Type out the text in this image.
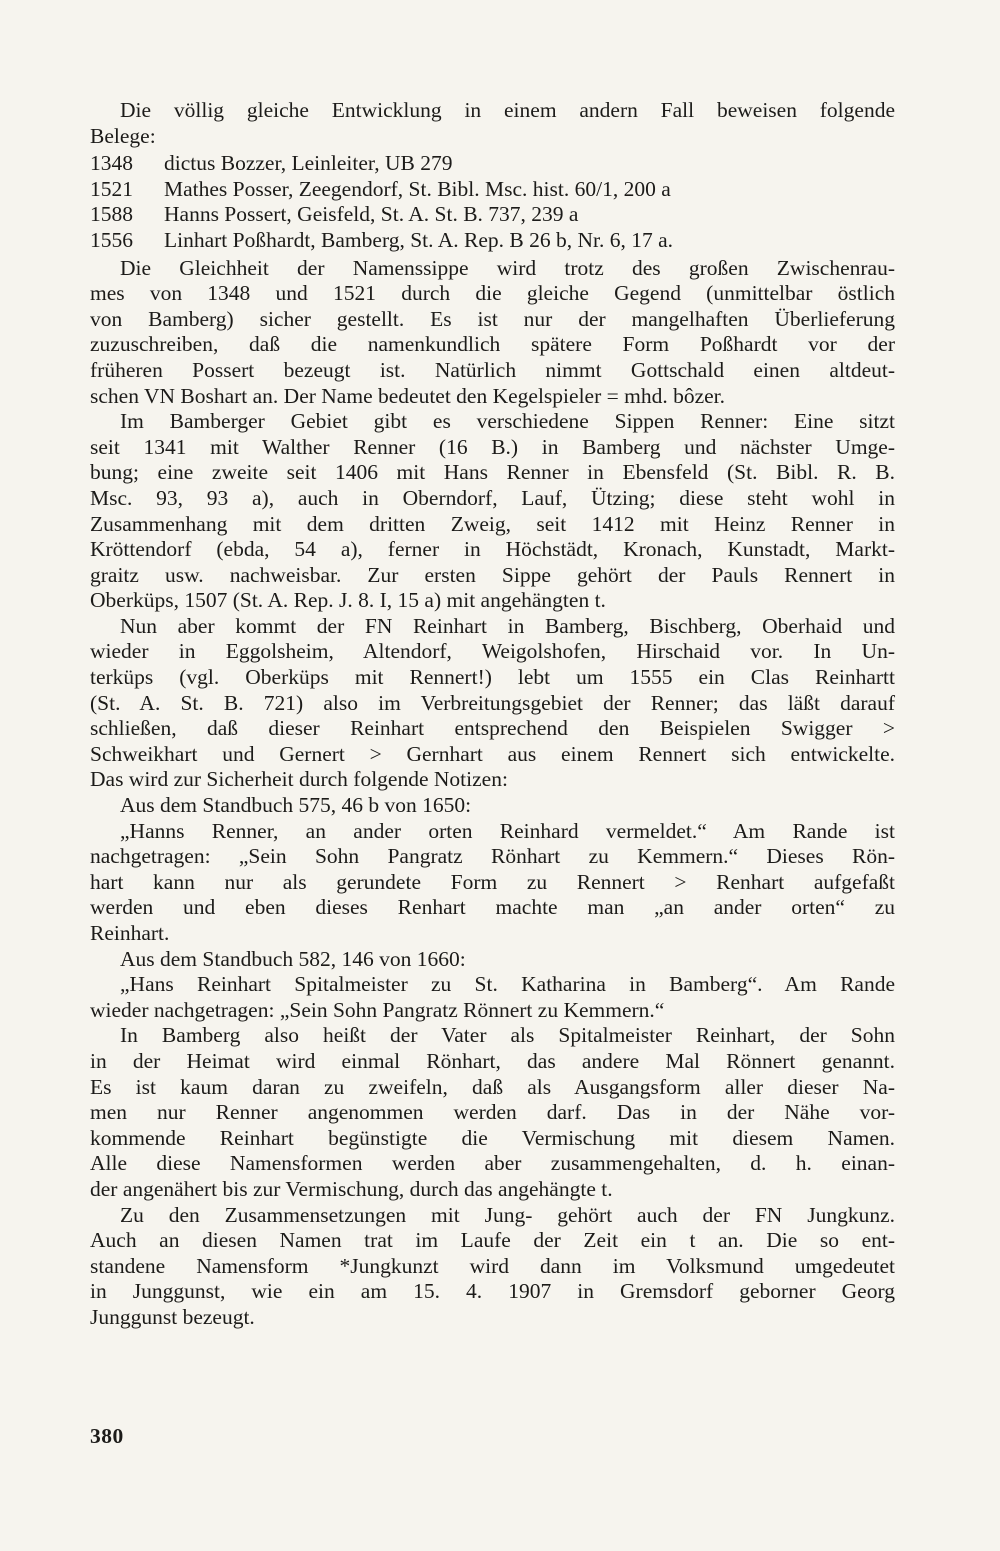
Die völlig gleiche Entwicklung in einem andern Fall beweisen folgende
Belege:

1348	dictus Bozzer, Leinleiter, UB 279
1521	Mathes Posser, Zeegendorf, St. Bibl. Msc. hist. 60/1, 200 a
1588	Hanns Possert, Geisfeld, St. A. St. B. 737, 239 a
1556	Linhart Poßhardt, Bamberg, St. A. Rep. B 26 b, Nr. 6, 17 a.

Die Gleichheit der Namenssippe wird trotz des großen Zwischenrau-
mes von 1348 und 1521 durch die gleiche Gegend (unmittelbar östlich
von Bamberg) sicher gestellt. Es ist nur der mangelhaften Überlieferung
zuzuschreiben, daß die namenkundlich spätere Form Poßhardt vor der
früheren Possert bezeugt ist. Natürlich nimmt Gottschald einen altdeut-
schen VN Boshart an. Der Name bedeutet den Kegelspieler = mhd. bôzer.

Im Bamberger Gebiet gibt es verschiedene Sippen Renner: Eine sitzt
seit 1341 mit Walther Renner (16 B.) in Bamberg und nächster Umge-
bung; eine zweite seit 1406 mit Hans Renner in Ebensfeld (St. Bibl. R. B.
Msc. 93, 93 a), auch in Oberndorf, Lauf, Ützing; diese steht wohl in
Zusammenhang mit dem dritten Zweig, seit 1412 mit Heinz Renner in
Kröttendorf (ebda, 54 a), ferner in Höchstädt, Kronach, Kunstadt, Markt-
graitz usw. nachweisbar. Zur ersten Sippe gehört der Pauls Rennert in
Oberküps, 1507 (St. A. Rep. J. 8. I, 15 a) mit angehängten t.

Nun aber kommt der FN Reinhart in Bamberg, Bischberg, Oberhaid und
wieder in Eggolsheim, Altendorf, Weigolshofen, Hirschaid vor. In Un-
terküps (vgl. Oberküps mit Rennert!) lebt um 1555 ein Clas Reinhartt
(St. A. St. B. 721) also im Verbreitungsgebiet der Renner; das läßt darauf
schließen, daß dieser Reinhart entsprechend den Beispielen Swigger >
Schweikhart und Gernert > Gernhart aus einem Rennert sich entwickelte.
Das wird zur Sicherheit durch folgende Notizen:

Aus dem Standbuch 575, 46 b von 1650:

„Hanns Renner, an ander orten Reinhard vermeldet.“ Am Rande ist
nachgetragen: „Sein Sohn Pangratz Rönhart zu Kemmern.“ Dieses Rön-
hart kann nur als gerundete Form zu Rennert > Renhart aufgefaßt
werden und eben dieses Renhart machte man „an ander orten“ zu
Reinhart.

Aus dem Standbuch 582, 146 von 1660:

„Hans Reinhart Spitalmeister zu St. Katharina in Bamberg“. Am Rande
wieder nachgetragen: „Sein Sohn Pangratz Rönnert zu Kemmern.“

In Bamberg also heißt der Vater als Spitalmeister Reinhart, der Sohn
in der Heimat wird einmal Rönhart, das andere Mal Rönnert genannt.
Es ist kaum daran zu zweifeln, daß als Ausgangsform aller dieser Na-
men nur Renner angenommen werden darf. Das in der Nähe vor-
kommende Reinhart begünstigte die Vermischung mit diesem Namen.
Alle diese Namensformen werden aber zusammengehalten, d. h. einan-
der angenähert bis zur Vermischung, durch das angehängte t.

Zu den Zusammensetzungen mit Jung- gehört auch der FN Jungkunz.
Auch an diesen Namen trat im Laufe der Zeit ein t an. Die so ent-
standene Namensform *Jungkunzt wird dann im Volksmund umgedeutet
in Junggunst, wie ein am 15. 4. 1907 in Gremsdorf geborner Georg
Junggunst bezeugt.

380
